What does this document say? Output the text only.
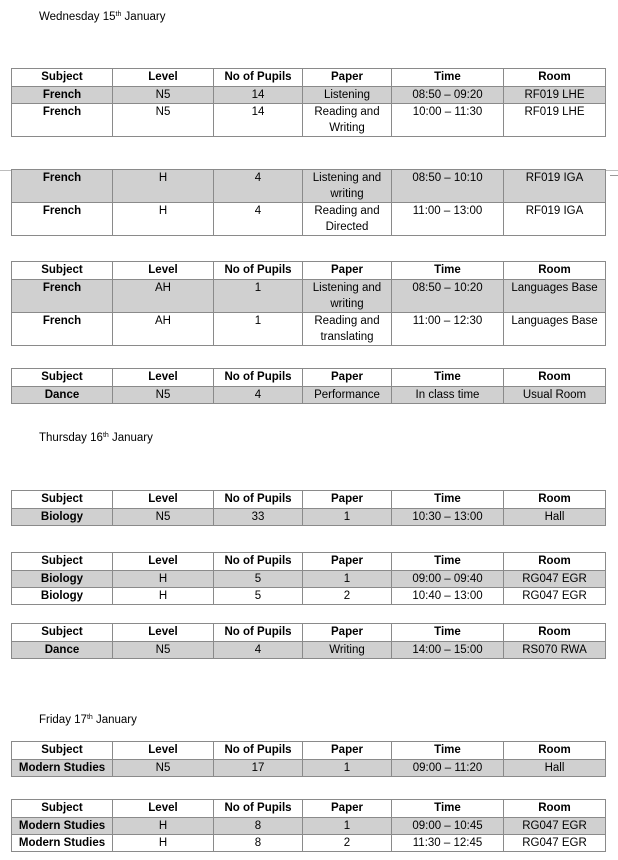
Wednesday 15th January
Thursday 16th January
Friday 17th January
Subject	Level	No of Pupils	Paper	Time	Room
French	N5	14	Listening	08:50 – 09:20	RF019 LHE
French	N5	14	Reading and Writing	10:00 – 11:30	RF019 LHE
French	H	4	Listening and writing	08:50 – 10:10	RF019 IGA
French	H	4	Reading and Directed	11:00 – 13:00	RF019 IGA
Subject	Level	No of Pupils	Paper	Time	Room
French	AH	1	Listening and writing	08:50 – 10:20	Languages Base
French	AH	1	Reading and translating	11:00 – 12:30	Languages Base
Subject	Level	No of Pupils	Paper	Time	Room
Dance	N5	4	Performance	In class time	Usual Room
Subject	Level	No of Pupils	Paper	Time	Room
Biology	N5	33	1	10:30 – 13:00	Hall
Subject	Level	No of Pupils	Paper	Time	Room
Biology	H	5	1	09:00 – 09:40	RG047 EGR
Biology	H	5	2	10:40 – 13:00	RG047 EGR
Subject	Level	No of Pupils	Paper	Time	Room
Dance	N5	4	Writing	14:00 – 15:00	RS070 RWA
Subject	Level	No of Pupils	Paper	Time	Room
Modern Studies	N5	17	1	09:00 – 11:20	Hall
Subject	Level	No of Pupils	Paper	Time	Room
Modern Studies	H	8	1	09:00 – 10:45	RG047 EGR
Modern Studies	H	8	2	11:30 – 12:45	RG047 EGR
